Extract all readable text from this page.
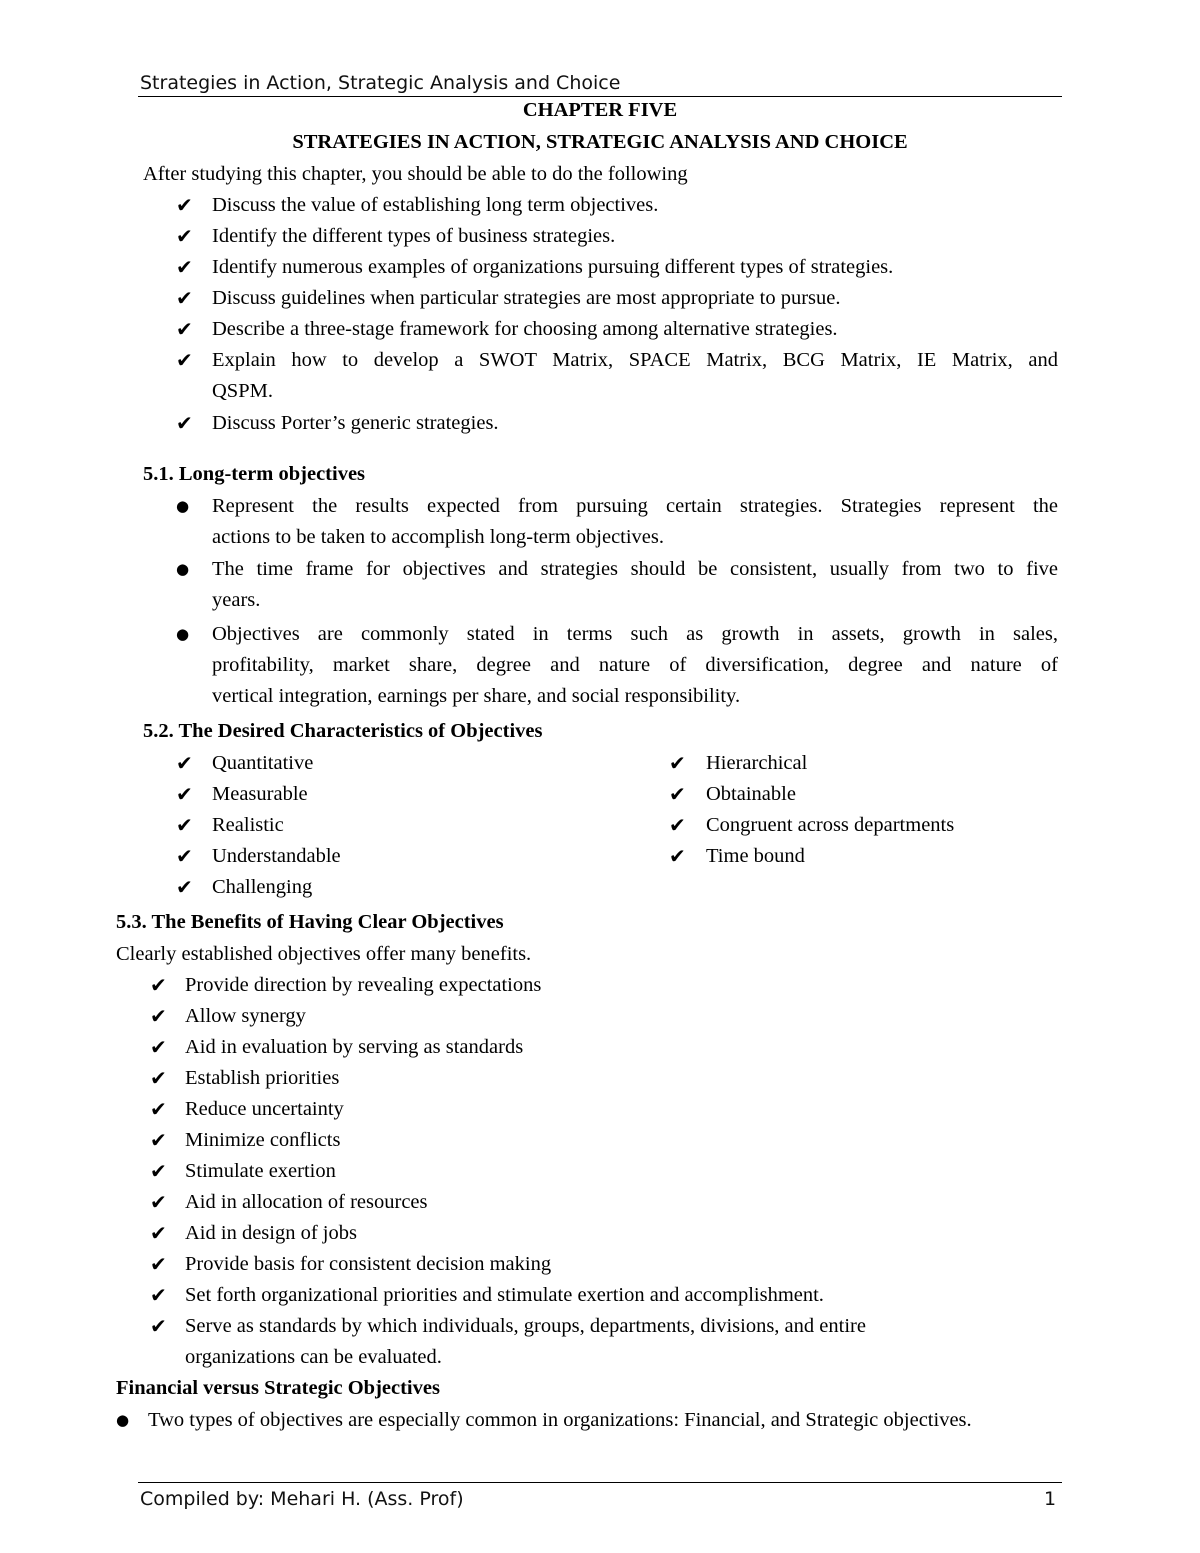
Strategies in Action, Strategic Analysis and Choice
CHAPTER FIVE
STRATEGIES IN ACTION, STRATEGIC ANALYSIS AND CHOICE
After studying this chapter, you should be able to do the following
✔ Discuss the value of establishing long term objectives.
✔ Identify the different types of business strategies.
✔ Identify numerous examples of organizations pursuing different types of strategies.
✔ Discuss guidelines when particular strategies are most appropriate to pursue.
✔ Describe a three-stage framework for choosing among alternative strategies.
✔ Explain how to develop a SWOT Matrix, SPACE Matrix, BCG Matrix, IE Matrix, and
QSPM.
✔ Discuss Porter’s generic strategies.
5.1. Long-term objectives
● Represent the results expected from pursuing certain strategies. Strategies represent the
actions to be taken to accomplish long-term objectives.
● The time frame for objectives and strategies should be consistent, usually from two to five
years.
● Objectives are commonly stated in terms such as growth in assets, growth in sales,
profitability, market share, degree and nature of diversification, degree and nature of
vertical integration, earnings per share, and social responsibility.
5.2. The Desired Characteristics of Objectives
✔ Quantitative
✔ Measurable
✔ Realistic
✔ Understandable
✔ Challenging
✔ Hierarchical
✔ Obtainable
✔ Congruent across departments
✔ Time bound
5.3. The Benefits of Having Clear Objectives
Clearly established objectives offer many benefits.
✔ Provide direction by revealing expectations
✔ Allow synergy
✔ Aid in evaluation by serving as standards
✔ Establish priorities
✔ Reduce uncertainty
✔ Minimize conflicts
✔ Stimulate exertion
✔ Aid in allocation of resources
✔ Aid in design of jobs
✔ Provide basis for consistent decision making
✔ Set forth organizational priorities and stimulate exertion and accomplishment.
✔ Serve as standards by which individuals, groups, departments, divisions, and entire
organizations can be evaluated.
Financial versus Strategic Objectives
● Two types of objectives are especially common in organizations: Financial, and Strategic objectives.
Compiled by: Mehari H. (Ass. Prof)	1
